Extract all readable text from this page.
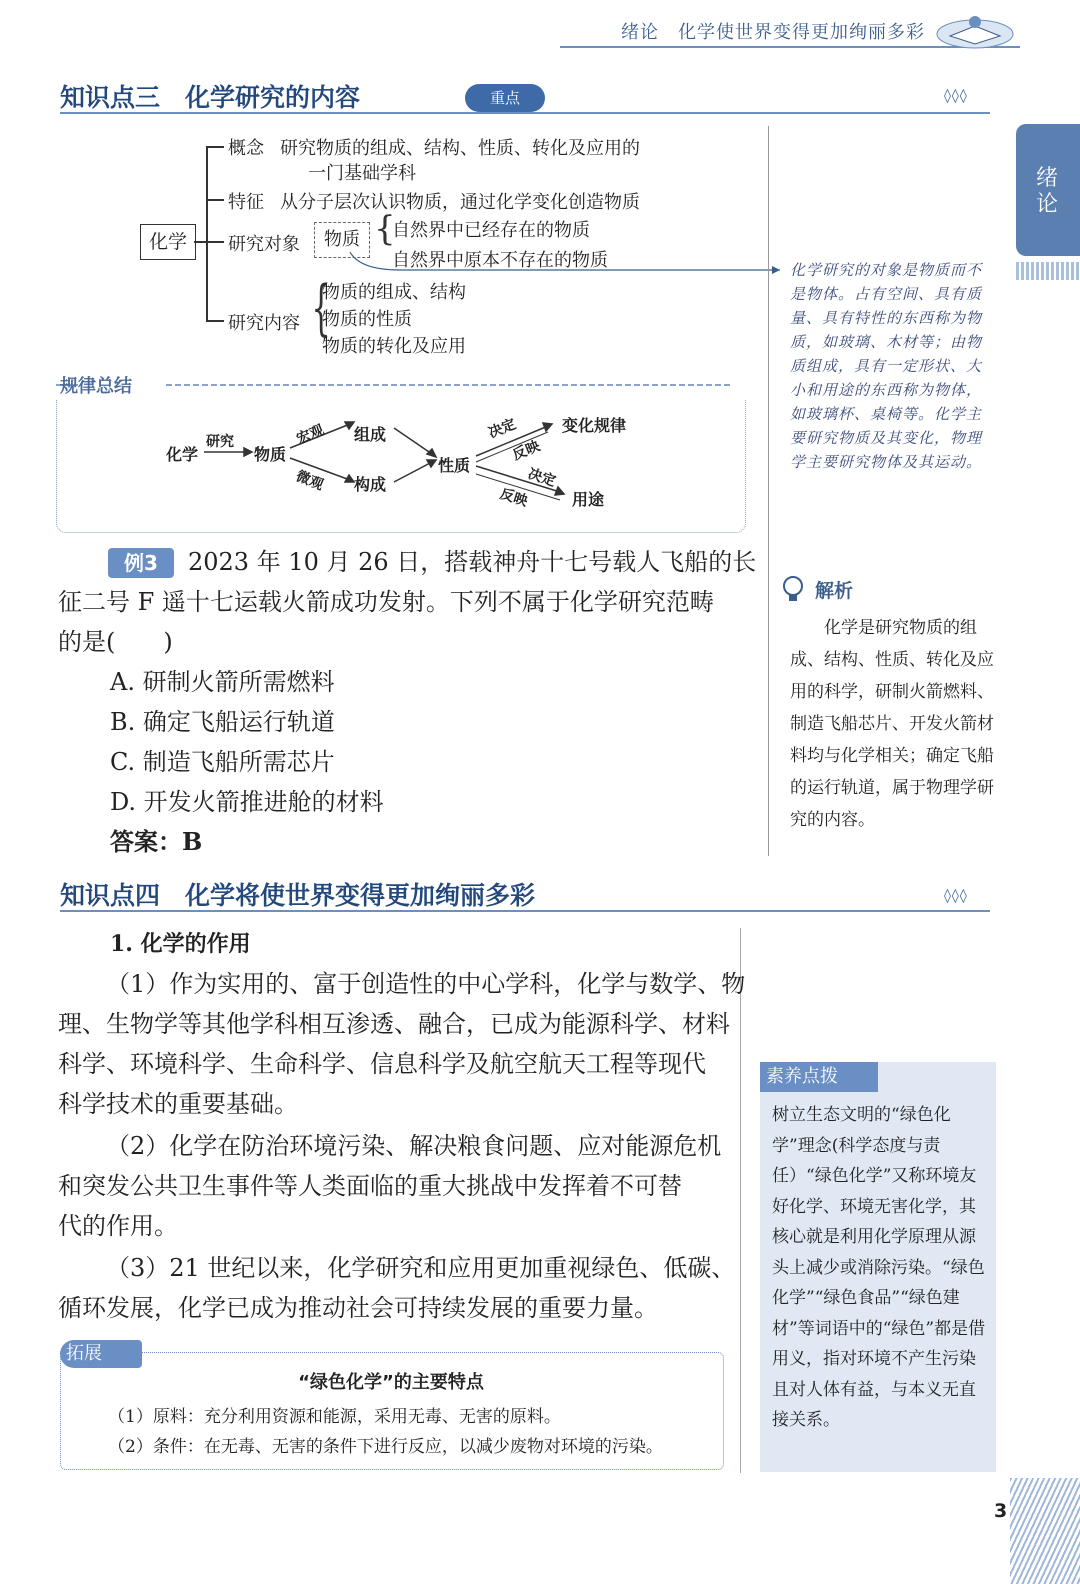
绪论　化学使世界变得更加绚丽多彩
绪论
知识点三　化学研究的内容	重点	◊◊◊
化学
概念 研究物质的组成、结构、性质、转化及应用的
一门基础学科
特征 从分子层次认识物质，通过化学变化创造物质
研究对象	物质 {
自然界中已经存在的物质
自然界中原本不存在的物质
研究内容 {
物质的组成、结构
物质的性质
物质的转化及应用
规律总结
化学
研究
物质
宏观
微观
组成
构成
性质
决定
反映
变化规律
决定
反映	用途
化学研究的对象是物质而不是物体。占有空间、具有质量、具有特性的东西称为物质，如玻璃、木材等；由物质组成，具有一定形状、大小和用途的东西称为物体，如玻璃杯、桌椅等。化学主要研究物质及其变化，物理学主要研究物体及其运动。
例3	2023 年 10 月 26 日，搭载神舟十七号载人飞船的长
征二号 F 遥十七运载火箭成功发射。下列不属于化学研究范畴
的是(　　)
A. 研制火箭所需燃料
B. 确定飞船运行轨道
C. 制造飞船所需芯片
D. 开发火箭推进舱的材料
答案：B
解析
化学是研究物质的组成、结构、性质、转化及应用的科学，研制火箭燃料、制造飞船芯片、开发火箭材料均与化学相关；确定飞船的运行轨道，属于物理学研究的内容。
知识点四　化学将使世界变得更加绚丽多彩	◊◊◊
1. 化学的作用
（1）作为实用的、富于创造性的中心学科，化学与数学、物
理、生物学等其他学科相互渗透、融合，已成为能源科学、材料
科学、环境科学、生命科学、信息科学及航空航天工程等现代
科学技术的重要基础。
（2）化学在防治环境污染、解决粮食问题、应对能源危机
和突发公共卫生事件等人类面临的重大挑战中发挥着不可替
代的作用。
（3）21 世纪以来，化学研究和应用更加重视绿色、低碳、
循环发展，化学已成为推动社会可持续发展的重要力量。
素养点拨
树立生态文明的“绿色化学”理念(科学态度与责任）“绿色化学”又称环境友好化学、环境无害化学，其核心就是利用化学原理从源头上减少或消除污染。“绿色化学”“绿色食品”“绿色建材”等词语中的“绿色”都是借用义，指对环境不产生污染且对人体有益，与本义无直接关系。
拓展
“绿色化学”的主要特点
（1）原料：充分利用资源和能源，采用无毒、无害的原料。
（2）条件：在无毒、无害的条件下进行反应，以减少废物对环境的污染。
3
